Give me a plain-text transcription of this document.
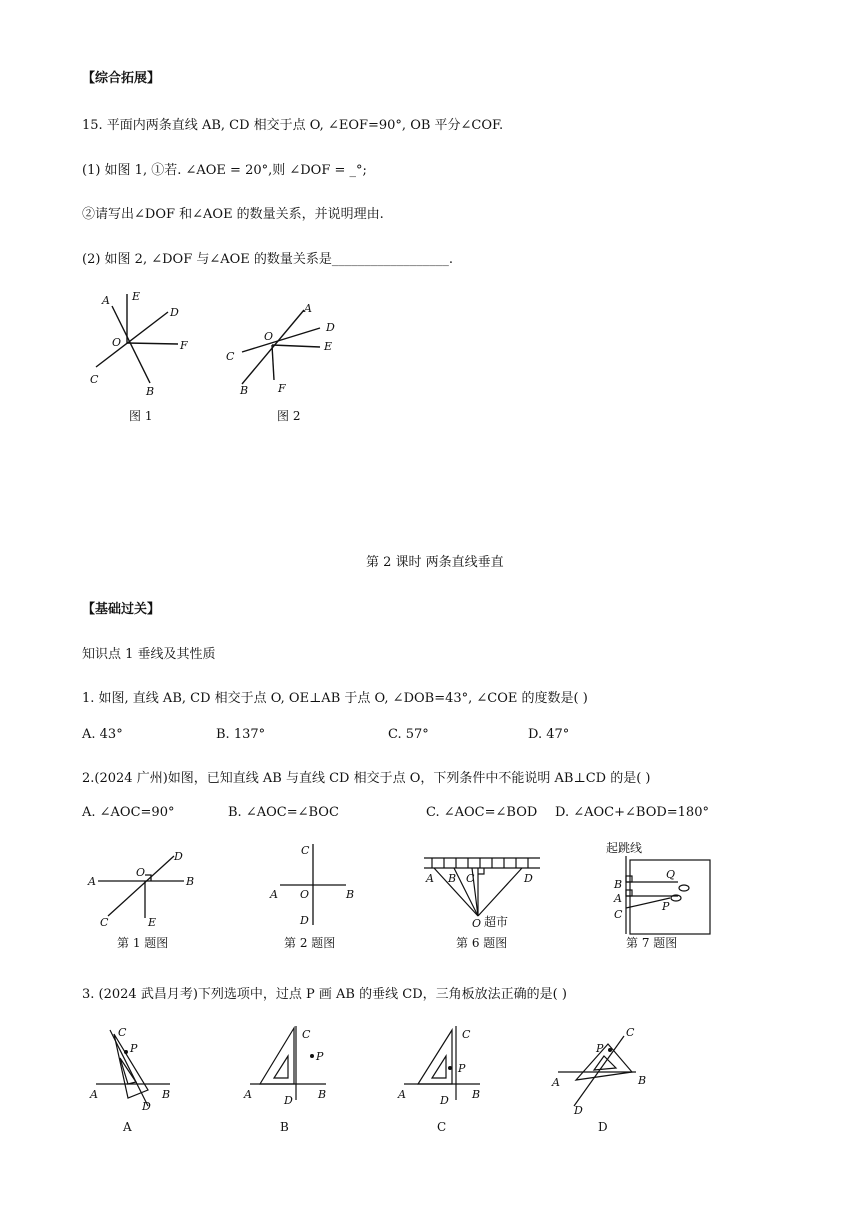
【综合拓展】
15. 平面内两条直线 AB, CD 相交于点 O, ∠EOF=90°, OB 平分∠COF.
(1) 如图 1, ①若. ∠AOE = 20°,则 ∠DOF = _°;
②请写出∠DOF 和∠AOE 的数量关系，并说明理由.
(2) 如图 2, ∠DOF 与∠AOE 的数量关系是__________________.
A E
D
O	F
C
B
图 1
A
D
O
E
C
B	F
图 2
第 2 课时 两条直线垂直
【基础过关】
知识点 1 垂线及其性质
1. 如图, 直线 AB, CD 相交于点 O, OE⊥AB 于点 O, ∠DOB=43°, ∠COE 的度数是( )
A. 43°	B. 137°	C. 57°	D. 47°
2.(2024 广州)如图，已知直线 AB 与直线 CD 相交于点 O，下列条件中不能说明 AB⊥CD 的是( )
A. ∠AOC=90°	B. ∠AOC=∠BOC	C. ∠AOC=∠BOD D. ∠AOC+∠BOD=180°
A	B
D
O
C	E
第 1 题图
C
A O	B
D
第 2 题图
A B C	D
O 超市
第 6 题图
起跳线
B
A
C
Q
P
第 7 题图
3. (2024 武昌月考)下列选项中，过点 P 画 AB 的垂线 CD，三角板放法正确的是( )
C
P
A	B
D
A
C
P
A	B
D
B
C
P
A	B
D
C
C
P
A	B
D
D
